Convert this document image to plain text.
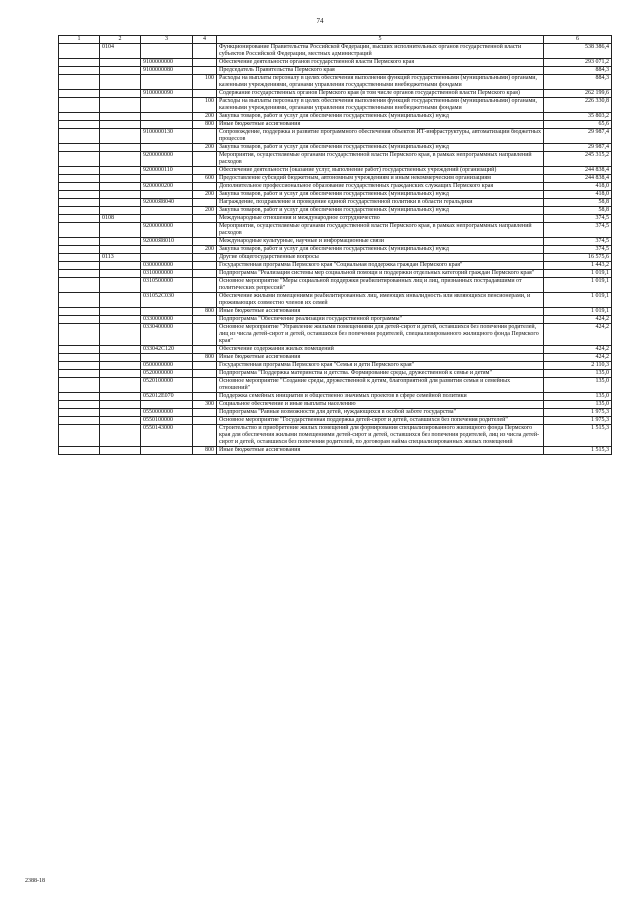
74
1	2	3	4	5	6
	0104			Функционирование Правительства Российской Федерации, высших исполнительных органов государственной власти субъектов Российской Федерации, местных администраций	538 386,4
		9100000000		Обеспечение деятельности органов государственной власти Пермского края	293 071,2
		9100000080		Председатель Правительства Пермского края	884,3
			100	Расходы на выплаты персоналу в целях обеспечения выполнения функций государственными (муниципальными) органами, казенными учреждениями, органами управления государственными внебюджетными фондами	884,3
		9100000090		Содержание государственных органов Пермского края (в том числе органов государственной власти Пермского края)	262 199,6
			100	Расходы на выплаты персоналу в целях обеспечения выполнения функций государственными (муниципальными) органами, казенными учреждениями, органами управления государственными внебюджетными фондами	226 330,8
			200	Закупка товаров, работ и услуг для обеспечения государственных (муниципальных) нужд	35 803,2
			800	Иные бюджетные ассигнования	65,6
		9100000130		Сопровождение, поддержка и развитие программного обеспечения объектов ИТ-инфраструктуры, автоматизации бюджетных процессов	29 987,4
			200	Закупка товаров, работ и услуг для обеспечения государственных (муниципальных) нужд	29 987,4
		9200000000		Мероприятия, осуществляемые органами государственной власти Пермского края, в рамках непрограммных направлений расходов	245 315,2
		9200000110		Обеспечение деятельности (оказание услуг, выполнение работ) государственных учреждений (организаций)	244 838,4
			600	Предоставление субсидий бюджетным, автономным учреждениям и иным некоммерческим организациям	244 838,4
		9200000200		Дополнительное профессиональное образование государственных гражданских служащих Пермского края	418,0
			200	Закупка товаров, работ и услуг для обеспечения государственных (муниципальных) нужд	418,0
		92000Я8040		Награждение, поздравление и проведение единой государственной политики в области геральдики	58,8
			200	Закупка товаров, работ и услуг для обеспечения государственных (муниципальных) нужд	58,8
	0108			Международные отношения и международное сотрудничество	374,5
		9200000000		Мероприятия, осуществляемые органами государственной власти Пермского края, в рамках непрограммных направлений расходов	374,5
		92000Я8010		Международные культурные, научные и информационные связи	374,5
			200	Закупка товаров, работ и услуг для обеспечения государственных (муниципальных) нужд	374,5
	0113			Другие общегосударственные вопросы	16 575,6
		0300000000		Государственная программа Пермского края "Социальная поддержка граждан Пермского края"	1 443,2
		0310000000		Подпрограмма "Реализация системы мер социальной помощи и поддержки отдельных категорий граждан Пермского края"	1 019,1
		0310500000		Основное мероприятие "Меры социальной поддержки реабилитированных лиц и лиц, признанных пострадавшими от политических репрессий"	1 019,1
		031052С030		Обеспечение жилыми помещениями реабилитированных лиц, имеющих инвалидность или являющихся пенсионерами, и проживающих совместно членов их семей	1 019,1
			800	Иные бюджетные ассигнования	1 019,1
		0330000000		Подпрограмма "Обеспечение реализации государственной программы"	424,2
		0330400000		Основное мероприятие "Управление жилыми помещениями для детей-сирот и детей, оставшихся без попечения родителей, лиц из числа детей-сирот и детей, оставшихся без попечения родителей, специализированного жилищного фонда Пермского края"	424,2
		033042С120		Обеспечение содержания жилых помещений	424,2
			800	Иные бюджетные ассигнования	424,2
		0500000000		Государственная программа Пермского края "Семья и дети Пермского края"	2 110,3
		0520000000		Подпрограмма "Поддержка материнства и детства. Формирование среды, дружественной к семье и детям"	135,0
		0520100000		Основное мероприятие "Создание среды, дружественной к детям, благоприятной для развития семьи и семейных отношений"	135,0
		052012Е070		Поддержка семейных инициатив и общественно значимых проектов в сфере семейной политики	135,0
			300	Социальное обеспечение и иные выплаты населению	135,0
		0550000000		Подпрограмма "Равные возможности для детей, нуждающихся в особой заботе государства"	1 975,3
		0550100000		Основное мероприятие "Государственная поддержка детей-сирот и детей, оставшихся без попечения родителей"	1 975,3
		0550143000		Строительство и приобретение жилых помещений для формирования специализированного жилищного фонда Пермского края для обеспечения жилыми помещениями детей-сирот и детей, оставшихся без попечения родителей, лиц из числа детей-сирот и детей, оставшихся без попечения родителей, по договорам найма специализированных жилых помещений	1 515,3
			800	Иные бюджетные ассигнования	1 515,3
2388-18
